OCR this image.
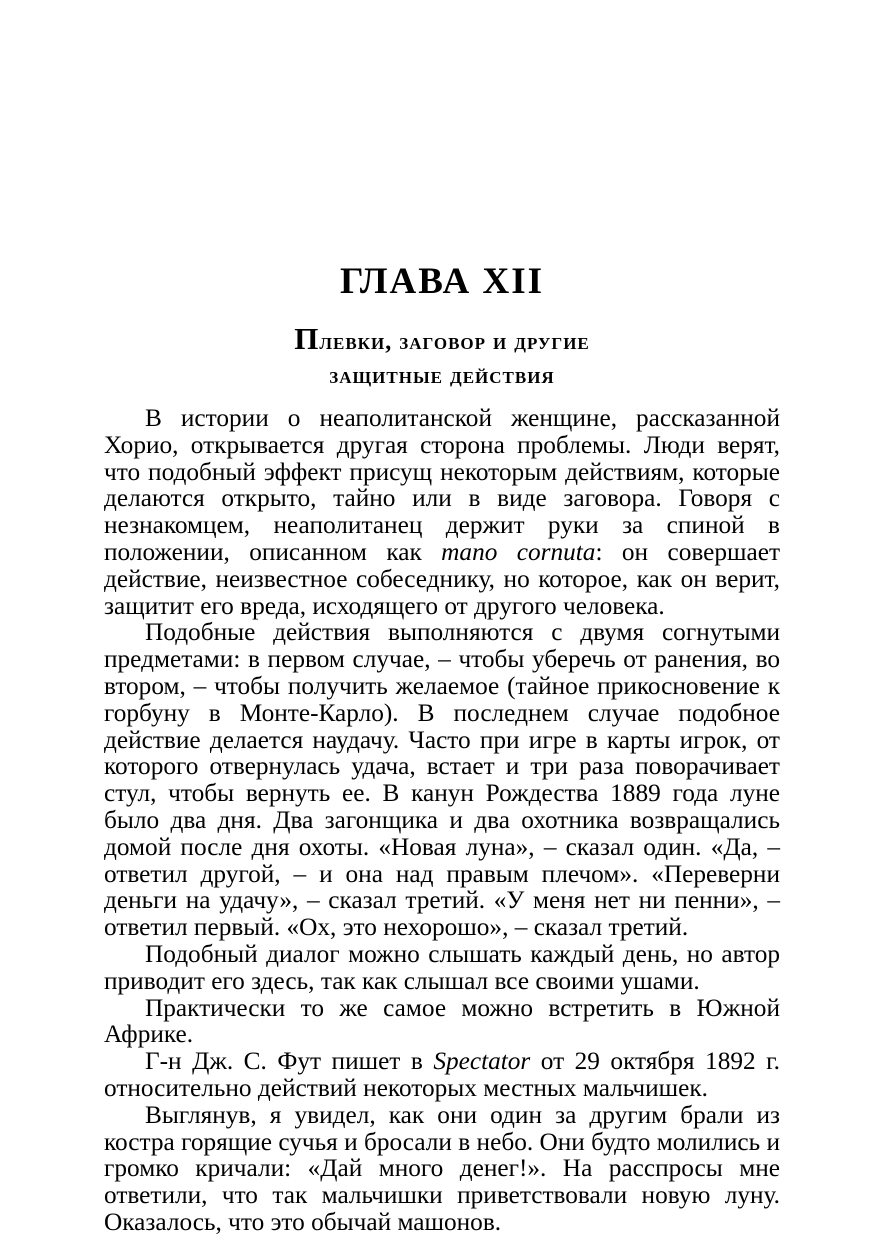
ГЛАВА XII
Плевки, заговор и другие
защитные действия

В истории о неаполитанской женщине, рассказанной Хорио, открывается другая сторона проблемы. Люди верят, что подобный эффект присущ некоторым действиям, которые делаются открыто, тайно или в виде заговора. Говоря с незнакомцем, неаполитанец держит руки за спиной в положении, описанном как mano cornuta: он совершает действие, неизвестное собеседнику, но которое, как он верит, защитит его вреда, исходящего от другого человека.

Подобные действия выполняются с двумя согнутыми предметами: в первом случае, – чтобы уберечь от ранения, во втором, – чтобы получить желаемое (тайное прикосновение к горбуну в Монте-Карло). В последнем случае подобное действие делается наудачу. Часто при игре в карты игрок, от которого отвернулась удача, встает и три раза поворачивает стул, чтобы вернуть ее. В канун Рождества 1889 года луне было два дня. Два загонщика и два охотника возвращались домой после дня охоты. «Новая луна», – сказал один. «Да, – ответил другой, – и она над правым плечом». «Переверни деньги на удачу», – сказал третий. «У меня нет ни пенни», – ответил первый. «Ох, это нехорошо», – сказал третий.

Подобный диалог можно слышать каждый день, но автор приводит его здесь, так как слышал все своими ушами.

Практически то же самое можно встретить в Южной Африке.

Г-н Дж. С. Фут пишет в Spectator от 29 октября 1892 г. относительно действий некоторых местных мальчишек.

Выглянув, я увидел, как они один за другим брали из костра горящие сучья и бросали в небо. Они будто молились и громко кричали: «Дай много денег!». На расспросы мне ответили, что так мальчишки приветствовали новую луну. Оказалось, что это обычай машонов.
